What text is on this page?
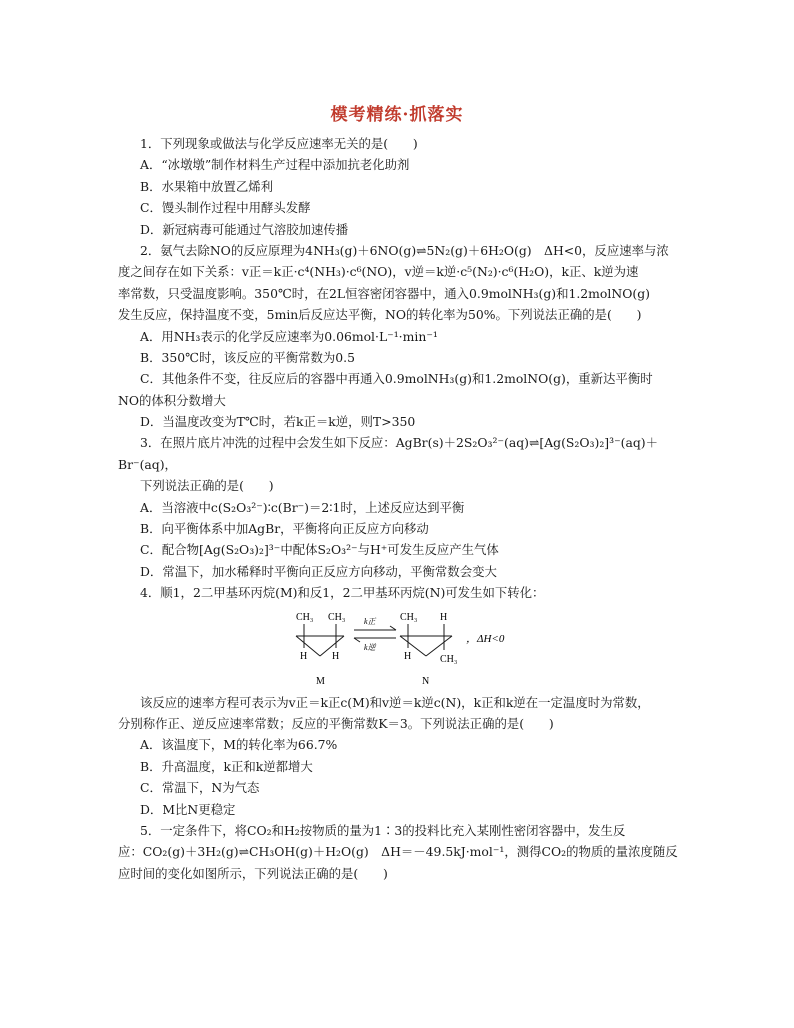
模考精练·抓落实
1．下列现象或做法与化学反应速率无关的是(　　)
A．“冰墩墩”制作材料生产过程中添加抗老化助剂
B．水果箱中放置乙烯利
C．馒头制作过程中用酵头发酵
D．新冠病毒可能通过气溶胶加速传播
2．氨气去除NO的反应原理为4NH₃(g)＋6NO(g)⇌5N₂(g)＋6H₂O(g)　ΔH<0，反应速率与浓
度之间存在如下关系：v正＝k正·c⁴(NH₃)·c⁶(NO)，v逆＝k逆·c⁵(N₂)·c⁶(H₂O)，k正、k逆为速
率常数，只受温度影响。350℃时，在2L恒容密闭容器中，通入0.9molNH₃(g)和1.2molNO(g)
发生反应，保持温度不变，5min后反应达平衡，NO的转化率为50%。下列说法正确的是(　　)
A．用NH₃表示的化学反应速率为0.06mol·L⁻¹·min⁻¹
B．350℃时，该反应的平衡常数为0.5
C．其他条件不变，往反应后的容器中再通入0.9molNH₃(g)和1.2molNO(g)，重新达平衡时
NO的体积分数增大
D．当温度改变为T℃时，若k正＝k逆，则T>350
3．在照片底片冲洗的过程中会发生如下反应：AgBr(s)＋2S₂O₃²⁻(aq)⇌[Ag(S₂O₃)₂]³⁻(aq)＋
Br⁻(aq)，
下列说法正确的是(　　)
A．当溶液中c(S₂O₃²⁻)∶c(Br⁻)＝2∶1时，上述反应达到平衡
B．向平衡体系中加AgBr，平衡将向正反应方向移动
C．配合物[Ag(S₂O₃)₂]³⁻中配体S₂O₃²⁻与H⁺可发生反应产生气体
D．常温下，加水稀释时平衡向正反应方向移动，平衡常数会变大
4．顺1，2二甲基环丙烷(M)和反1，2二甲基环丙烷(N)可发生如下转化：
CH₃ CH₃
H H
M
k正
k逆
CH₃ H
H	CH₃
N
，ΔH<0
该反应的速率方程可表示为v正＝k正c(M)和v逆＝k逆c(N)，k正和k逆在一定温度时为常数，
分别称作正、逆反应速率常数；反应的平衡常数K＝3。下列说法正确的是(　　)
A．该温度下，M的转化率为66.7%
B．升高温度，k正和k逆都增大
C．常温下，N为气态
D．M比N更稳定
5．一定条件下，将CO₂和H₂按物质的量为1∶3的投料比充入某刚性密闭容器中，发生反
应：CO₂(g)＋3H₂(g)⇌CH₃OH(g)＋H₂O(g)　ΔH＝－49.5kJ·mol⁻¹，测得CO₂的物质的量浓度随反
应时间的变化如图所示，下列说法正确的是(　　)
